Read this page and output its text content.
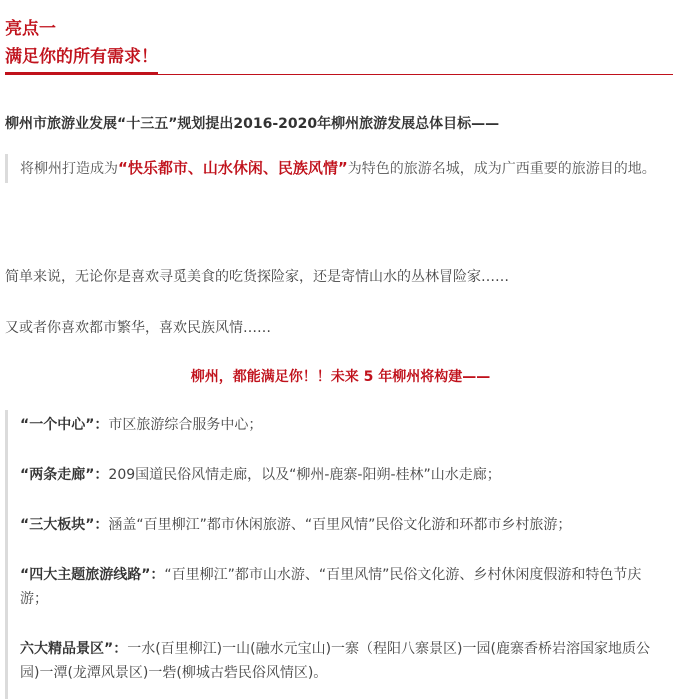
亮点一
满足你的所有需求！
柳州市旅游业发展“十三五”规划提出2016-2020年柳州旅游发展总体目标——
将柳州打造成为“快乐都市、山水休闲、民族风情”为特色的旅游名城，成为广西重要的旅游目的地。
简单来说，无论你是喜欢寻觅美食的吃货探险家，还是寄情山水的丛林冒险家……
又或者你喜欢都市繁华，喜欢民族风情……
柳州，都能满足你！！未来 5 年柳州将构建——
“一个中心”：市区旅游综合服务中心；
“两条走廊”：209国道民俗风情走廊，以及“柳州-鹿寨-阳朔-桂林”山水走廊；
“三大板块”：涵盖“百里柳江”都市休闲旅游、“百里风情”民俗文化游和环都市乡村旅游；
“四大主题旅游线路”：“百里柳江”都市山水游、“百里风情”民俗文化游、乡村休闲度假游和特色节庆游；
六大精品景区”：一水(百里柳江)一山(融水元宝山)一寨（程阳八寨景区)一园(鹿寨香桥岩溶国家地质公园)一潭(龙潭风景区)一砦(柳城古砦民俗风情区)。
